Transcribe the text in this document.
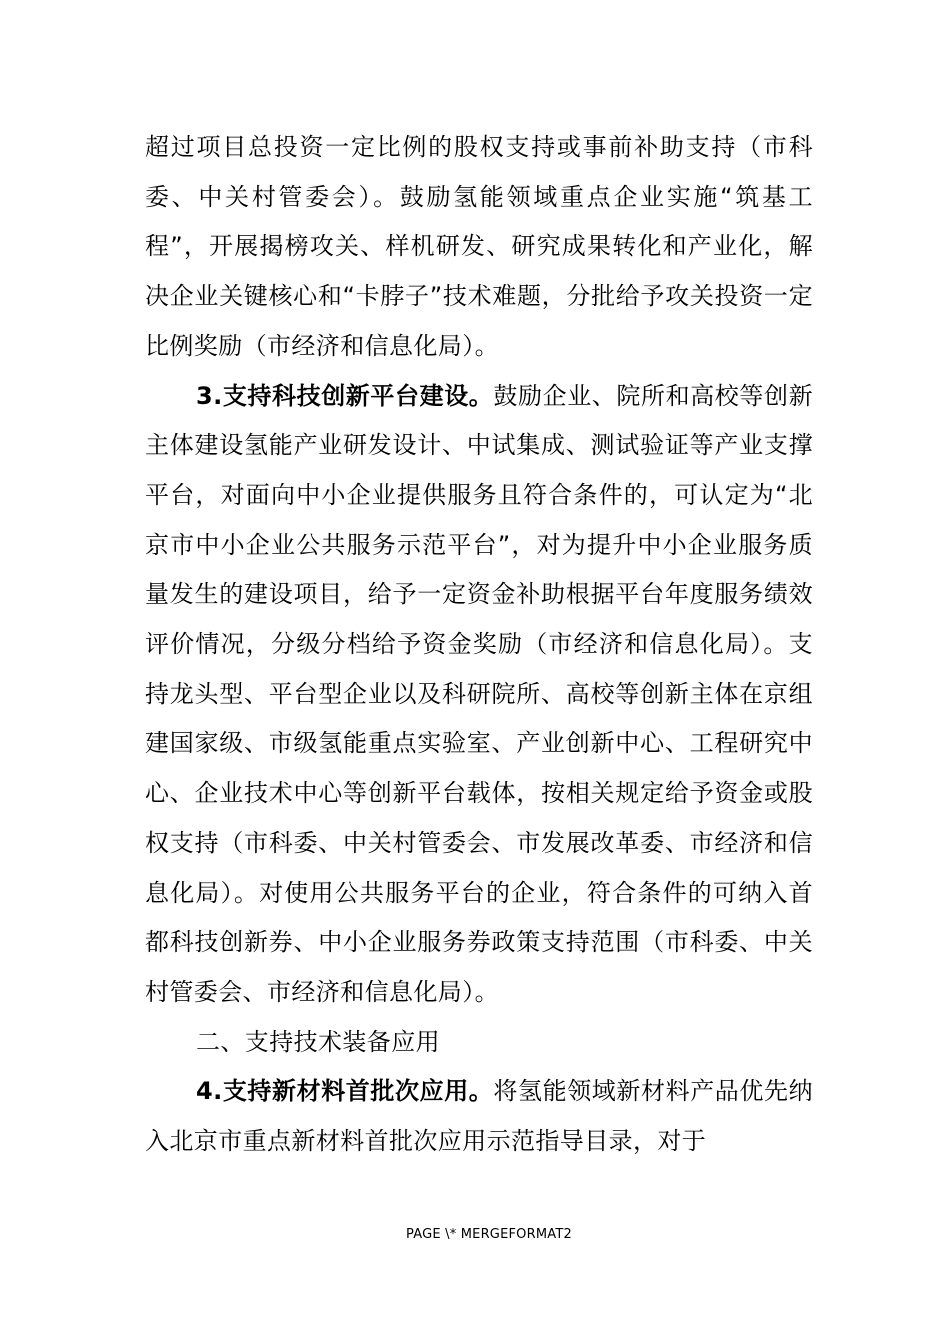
超过项目总投资一定比例的股权支持或事前补助支持（市科委、中关村管委会）。鼓励氢能领域重点企业实施“筑基工程”，开展揭榜攻关、样机研发、研究成果转化和产业化，解决企业关键核心和“卡脖子”技术难题，分批给予攻关投资一定比例奖励（市经济和信息化局）。

3.支持科技创新平台建设。鼓励企业、院所和高校等创新主体建设氢能产业研发设计、中试集成、测试验证等产业支撑平台，对面向中小企业提供服务且符合条件的，可认定为“北京市中小企业公共服务示范平台”，对为提升中小企业服务质量发生的建设项目，给予一定资金补助根据平台年度服务绩效评价情况，分级分档给予资金奖励（市经济和信息化局）。支持龙头型、平台型企业以及科研院所、高校等创新主体在京组建国家级、市级氢能重点实验室、产业创新中心、工程研究中心、企业技术中心等创新平台载体，按相关规定给予资金或股权支持（市科委、中关村管委会、市发展改革委、市经济和信息化局）。对使用公共服务平台的企业，符合条件的可纳入首都科技创新券、中小企业服务券政策支持范围（市科委、中关村管委会、市经济和信息化局）。

二、支持技术装备应用

4.支持新材料首批次应用。将氢能领域新材料产品优先纳入北京市重点新材料首批次应用示范指导目录，对于

PAGE \* MERGEFORMAT2
